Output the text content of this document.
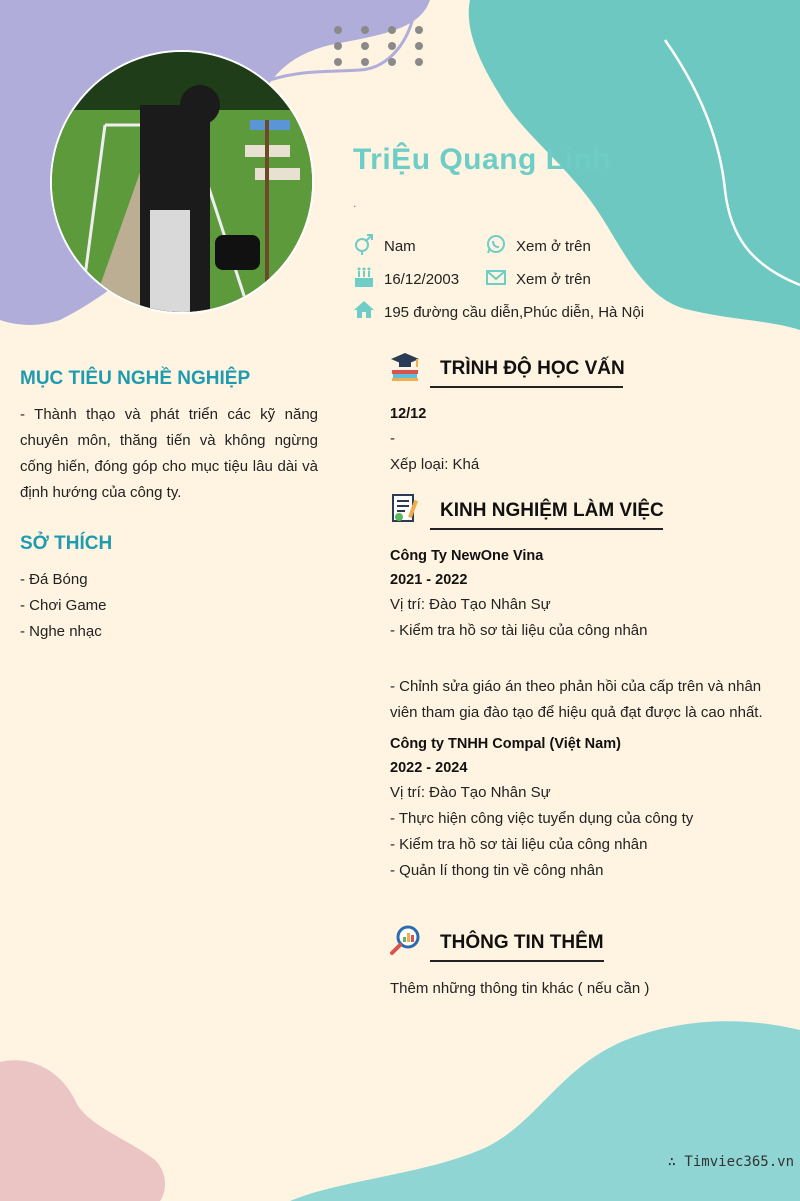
TriỆu Quang Linh
.
Nam	Xem ở trên
16/12/2003	Xem ở trên
195 đường cầu diễn,Phúc diễn, Hà Nội
MỤC TIÊU NGHỀ NGHIỆP
- Thành thạo và phát triển các kỹ năng chuyên môn, thăng tiến và không ngừng cống hiến, đóng góp cho mục tiệu lâu dài và định hướng của công ty.
SỞ THÍCH
- Đá Bóng
- Chơi Game
- Nghe nhạc
TRÌNH ĐỘ HỌC VẤN
12/12
-
Xếp loại: Khá
KINH NGHIỆM LÀM VIỆC
Công Ty NewOne Vina
2021 - 2022
Vị trí: Đào Tạo Nhân Sự
- Kiểm tra hồ sơ tài liệu của công nhân
- Chỉnh sửa giáo án theo phản hồi của cấp trên và nhân viên tham gia đào tạo để hiệu quả đạt được là cao nhất.
Công ty TNHH Compal (Việt Nam)
2022 - 2024
Vị trí: Đào Tạo Nhân Sự
- Thực hiện công việc tuyển dụng của công ty
- Kiểm tra hồ sơ tài liệu của công nhân
- Quản lí thong tin về công nhân
THÔNG TIN THÊM
Thêm những thông tin khác ( nếu cần )
∴ Timviec365.vn
